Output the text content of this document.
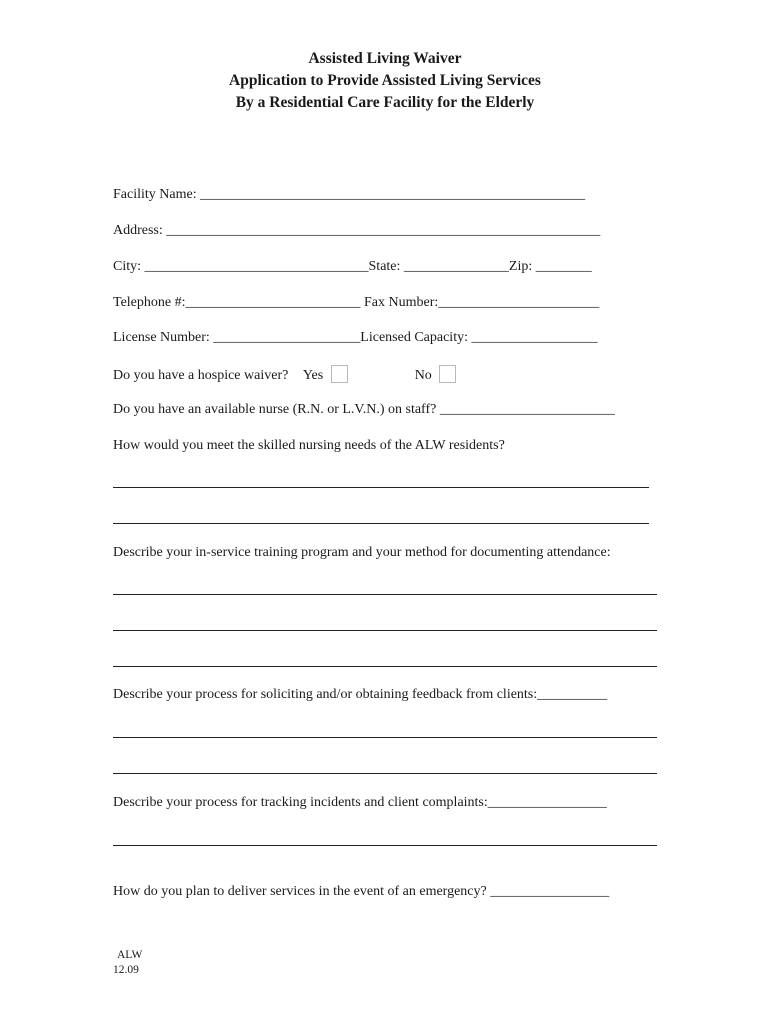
Assisted Living Waiver
Application to Provide Assisted Living Services
By a Residential Care Facility for the Elderly
Facility Name: _______________________________________________________
Address: ______________________________________________________________
City: ________________________________State: _______________Zip: ________
Telephone #:_________________________ Fax Number:_______________________
License Number: _____________________Licensed Capacity: __________________
Do you have a hospice waiver? Yes	No
Do you have an available nurse (R.N. or L.V.N.) on staff? _________________________
How would you meet the skilled nursing needs of the ALW residents?
Describe your in-service training program and your method for documenting attendance:
Describe your process for soliciting and/or obtaining feedback from clients:__________
Describe your process for tracking incidents and client complaints:_________________
How do you plan to deliver services in the event of an emergency? _________________
ALW
12.09
